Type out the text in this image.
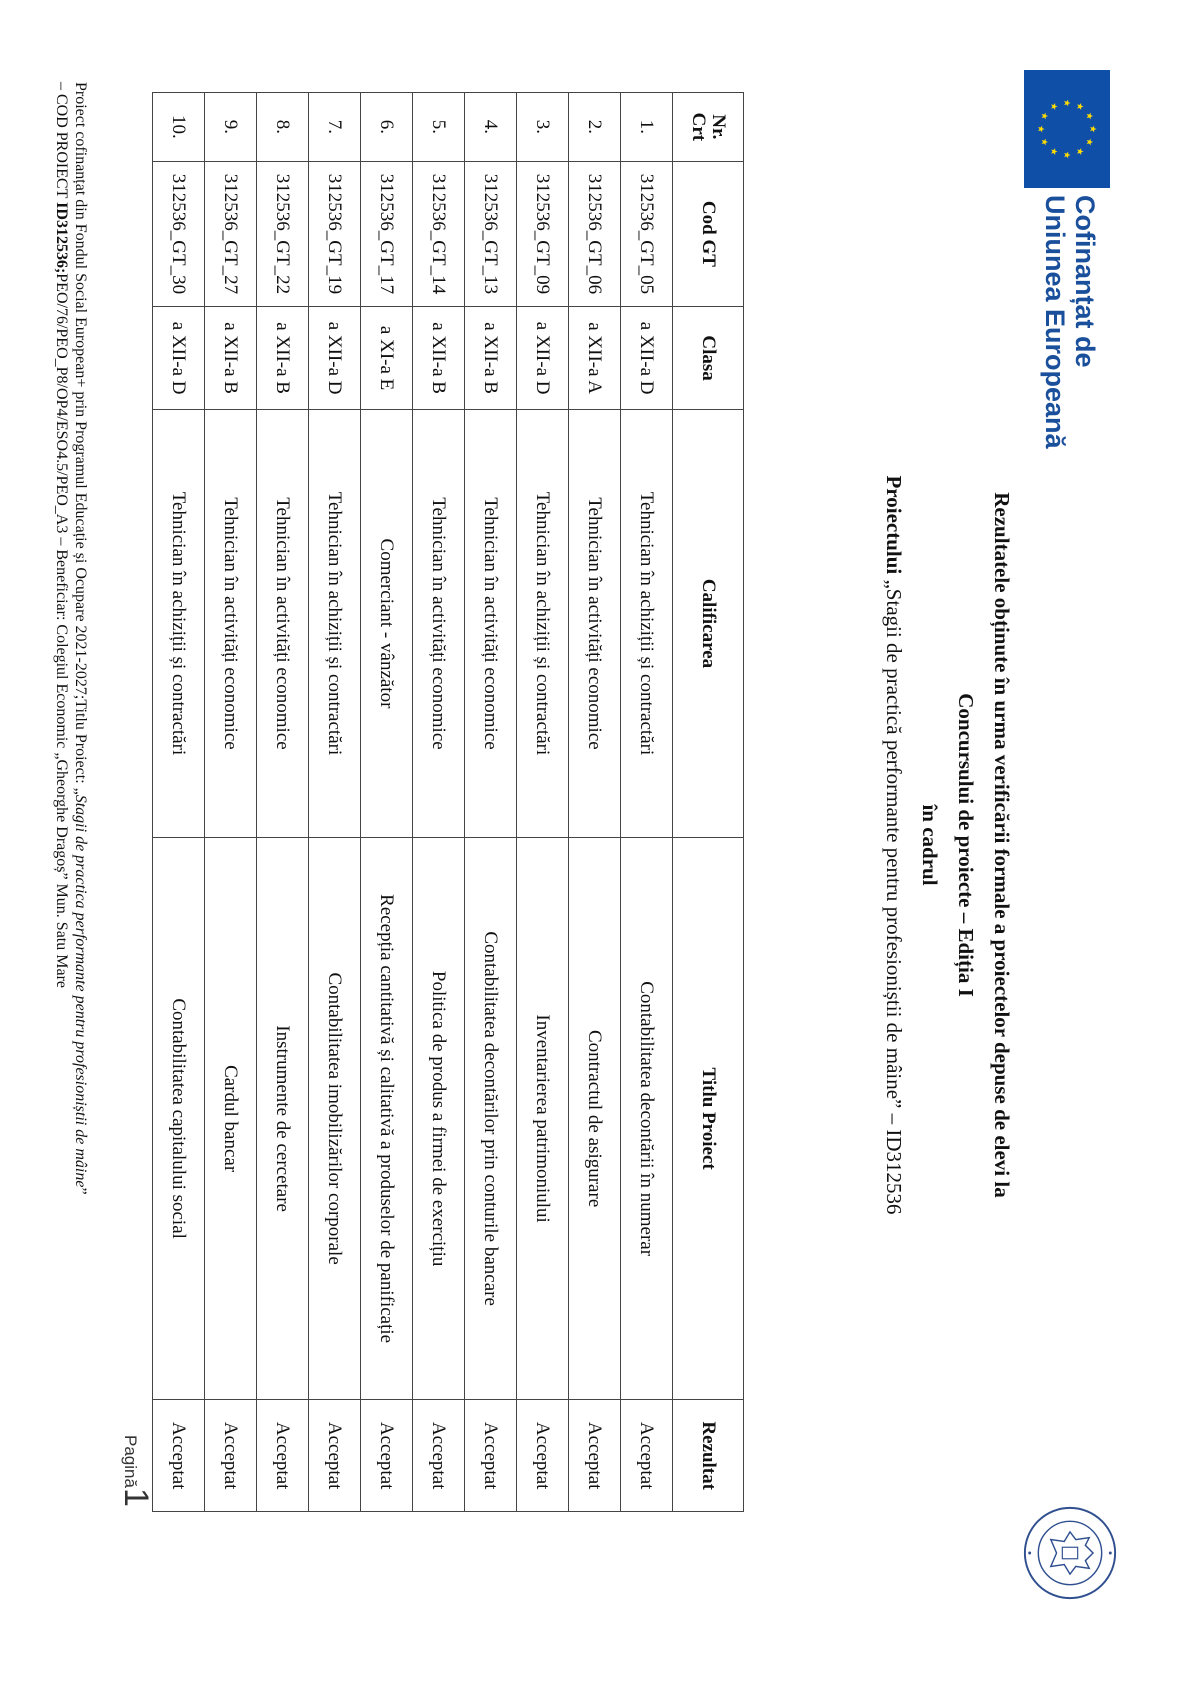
Cofinanțat de
Uniunea Europeană
Rezultatele obținute în urma verificării formale a proiectelor depuse de elevi la
Concursului de proiecte – Ediția I
în cadrul
Proiectului „Stagii de practică performante pentru profesioniștii de mâine” – ID312536
Nr. Crt	Cod GT	Clasa	Calificarea	Titlu Proiect	Rezultat
1.	312536_GT_05	a XII-a D	Tehnician în achiziții și contractări	Contabilitatea decontării în numerar	Acceptat
2.	312536_GT_06	a XII-a A	Tehnician în activități economice	Contractul de asigurare	Acceptat
3.	312536_GT_09	a XII-a D	Tehnician în achiziții și contractări	Inventarierea patrimoniului	Acceptat
4.	312536_GT_13	a XII-a B	Tehnician în activități economice	Contabilitatea decontărilor prin conturile bancare	Acceptat
5.	312536_GT_14	a XII-a B	Tehnician în activități economice	Politica de produs a firmei de exercițiu	Acceptat
6.	312536_GT_17	a XI-a E	Comerciant - vânzător	Recepția cantitativă și calitativă a produselor de panificație	Acceptat
7.	312536_GT_19	a XII-a D	Tehnician în achiziții și contractări	Contabilitatea imobilizărilor corporale	Acceptat
8.	312536_GT_22	a XII-a B	Tehnician în activități economice	Instrumente de cercetare	Acceptat
9.	312536_GT_27	a XII-a B	Tehnician în activități economice	Cardul bancar	Acceptat
10.	312536_GT_30	a XII-a D	Tehnician în achiziții și contractări	Contabilitatea capitalului social	Acceptat
Pagină1
Proiect cofinanțat din Fondul Social European+ prin Programul Educație și Ocupare 2021-2027;Titlu Proiect: „Stagii de practica performante pentru profesioniștii de mâine”
– COD PROIECT ID312536;PEO/76/PEO_P8/OP4/ESO4.5/PEO_A3 – Beneficiar: Colegiul Economic „Gheorghe Dragoș” Mun. Satu Mare
